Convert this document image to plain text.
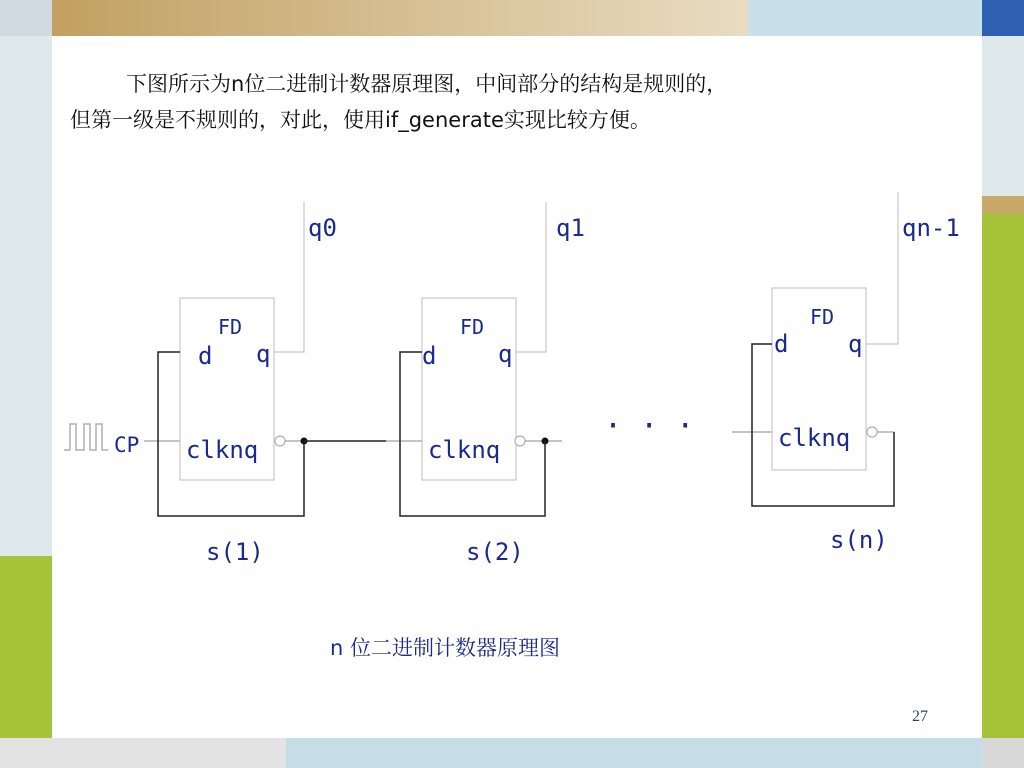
下图所示为n位二进制计数器原理图，中间部分的结构是规则的，

但第一级是不规则的，对此，使用if_generate实现比较方便。

CP
FD
d q
clknq
q0
s(1)
FD
d	q
clknq
q1
s(2)
· · ·
FD
d q
clknq
qn-1
s(n)
n 位二进制计数器原理图
27
